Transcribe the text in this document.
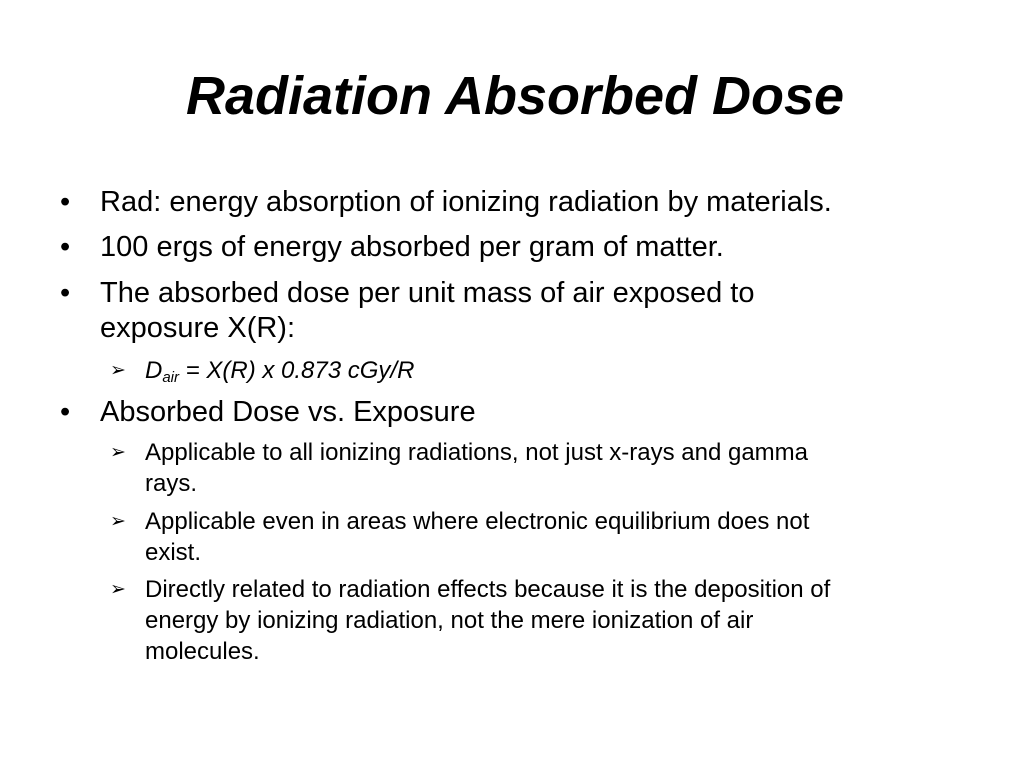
Radiation Absorbed Dose
• Rad: energy absorption of ionizing radiation by materials.
• 100 ergs of energy absorbed per gram of matter.
• The absorbed dose per unit mass of air exposed to
exposure X(R):
➢ $D_{air} = X(R)$ x 0.873 cGy/R
• Absorbed Dose vs. Exposure
➢ Applicable to all ionizing radiations, not just x-rays and gamma
rays.
➢ Applicable even in areas where electronic equilibrium does not
exist.
➢ Directly related to radiation effects because it is the deposition of
energy by ionizing radiation, not the mere ionization of air
molecules.
